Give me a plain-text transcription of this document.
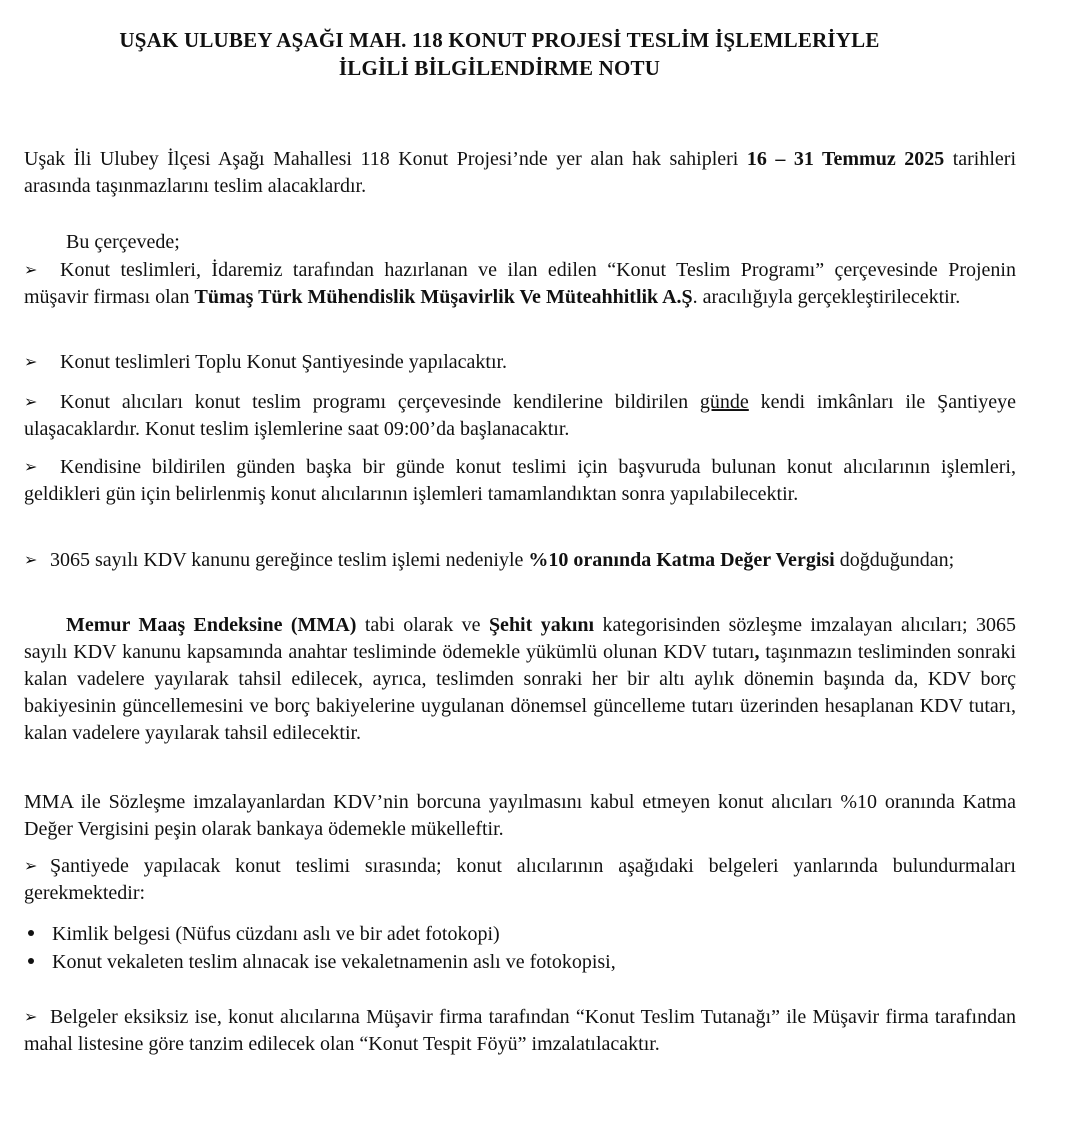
UŞAK ULUBEY AŞAĞI MAH. 118 KONUT PROJESİ TESLİM İŞLEMLERİYLE
İLGİLİ BİLGİLENDİRME NOTU
Uşak İli Ulubey İlçesi Aşağı Mahallesi 118 Konut Projesi’nde yer alan hak sahipleri 16 – 31 Temmuz 2025 tarihleri arasında taşınmazlarını teslim alacaklardır.
Bu çerçevede;
➢ Konut teslimleri, İdaremiz tarafından hazırlanan ve ilan edilen “Konut Teslim Programı” çerçevesinde Projenin müşavir firması olan Tümaş Türk Mühendislik Müşavirlik Ve Müteahhitlik A.Ş. aracılığıyla gerçekleştirilecektir.
➢ Konut teslimleri Toplu Konut Şantiyesinde yapılacaktır.
➢ Konut alıcıları konut teslim programı çerçevesinde kendilerine bildirilen günde kendi imkânları ile Şantiyeye ulaşacaklardır. Konut teslim işlemlerine saat 09:00’da başlanacaktır.
➢ Kendisine bildirilen günden başka bir günde konut teslimi için başvuruda bulunan konut alıcılarının işlemleri, geldikleri gün için belirlenmiş konut alıcılarının işlemleri tamamlandıktan sonra yapılabilecektir.
➢ 3065 sayılı KDV kanunu gereğince teslim işlemi nedeniyle %10 oranında Katma Değer Vergisi doğduğundan;
Memur Maaş Endeksine (MMA) tabi olarak ve Şehit yakını kategorisinden sözleşme imzalayan alıcıları; 3065 sayılı KDV kanunu kapsamında anahtar tesliminde ödemekle yükümlü olunan KDV tutarı, taşınmazın tesliminden sonraki kalan vadelere yayılarak tahsil edilecek, ayrıca, teslimden sonraki her bir altı aylık dönemin başında da, KDV borç bakiyesinin güncellemesini ve borç bakiyelerine uygulanan dönemsel güncelleme tutarı üzerinden hesaplanan KDV tutarı, kalan vadelere yayılarak tahsil edilecektir.
MMA ile Sözleşme imzalayanlardan KDV’nin borcuna yayılmasını kabul etmeyen konut alıcıları %10 oranında Katma Değer Vergisini peşin olarak bankaya ödemekle mükelleftir.
➢ Şantiyede yapılacak konut teslimi sırasında; konut alıcılarının aşağıdaki belgeleri yanlarında bulundurmaları gerekmektedir:
Kimlik belgesi (Nüfus cüzdanı aslı ve bir adet fotokopi)
Konut vekaleten teslim alınacak ise vekaletnamenin aslı ve fotokopisi,
➢ Belgeler eksiksiz ise, konut alıcılarına Müşavir firma tarafından “Konut Teslim Tutanağı” ile Müşavir firma tarafından mahal listesine göre tanzim edilecek olan “Konut Tespit Föyü” imzalatılacaktır.
